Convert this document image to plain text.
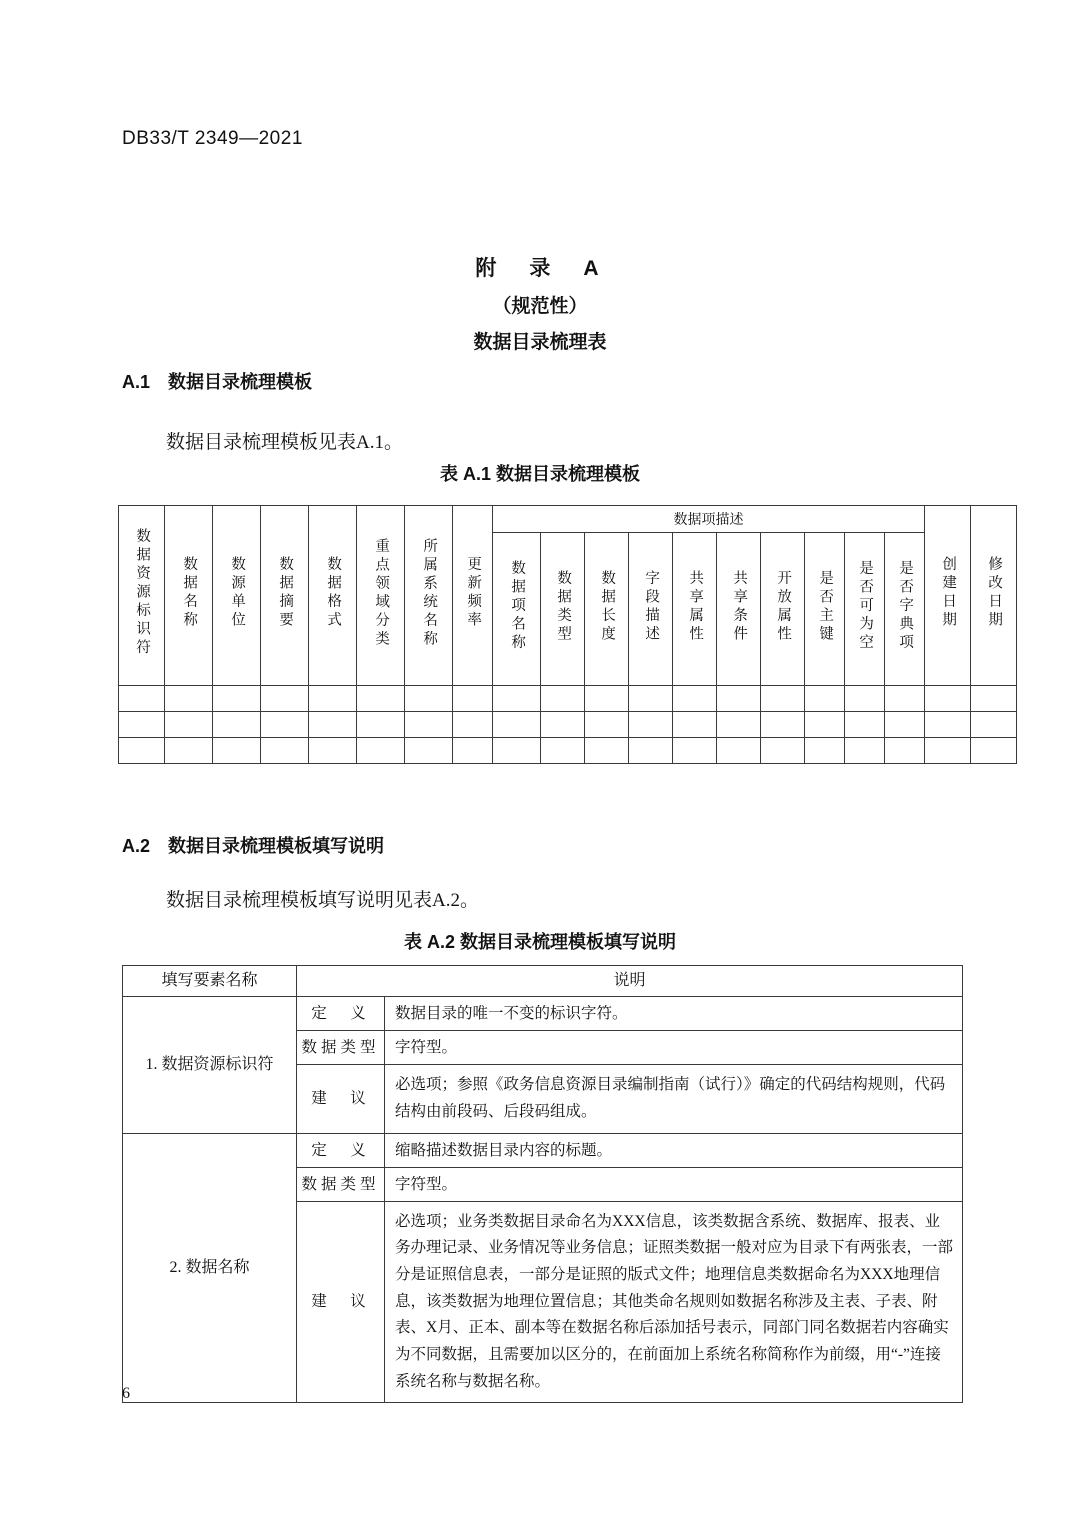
DB33/T 2349—2021
附　录　A
（规范性）
数据目录梳理表
A.1 数据目录梳理模板
数据目录梳理模板见表A.1。
表 A.1 数据目录梳理模板
数据资源标识符	数据名称	数源单位	数据摘要	数据格式	重点领域分类	所属系统名称	更新频率	数据项描述										创建日期	修改日期
								数据项名称	数据类型	数据长度	字段描述	共享属性	共享条件	开放属性	是否主键	是否可为空	是否字典项		

A.2 数据目录梳理模板填写说明
数据目录梳理模板填写说明见表A.2。
表 A.2 数据目录梳理模板填写说明
填写要素名称	说明	
1. 数据资源标识符	定　义	数据目录的唯一不变的标识字符。
	数据类型	字符型。
	建　议	必选项；参照《政务信息资源目录编制指南（试行）》确定的代码结构规则，代码结构由前段码、后段码组成。
2. 数据名称	定　义	缩略描述数据目录内容的标题。
	数据类型	字符型。
	建　议	必选项；业务类数据目录命名为XXX信息，该类数据含系统、数据库、报表、业务办理记录、业务情况等业务信息；证照类数据一般对应为目录下有两张表，一部分是证照信息表，一部分是证照的版式文件；地理信息类数据命名为XXX地理信息，该类数据为地理位置信息；其他类命名规则如数据名称涉及主表、子表、附表、X月、正本、副本等在数据名称后添加括号表示，同部门同名数据若内容确实为不同数据，且需要加以区分的，在前面加上系统名称简称作为前缀，用“-”连接系统名称与数据名称。
6
